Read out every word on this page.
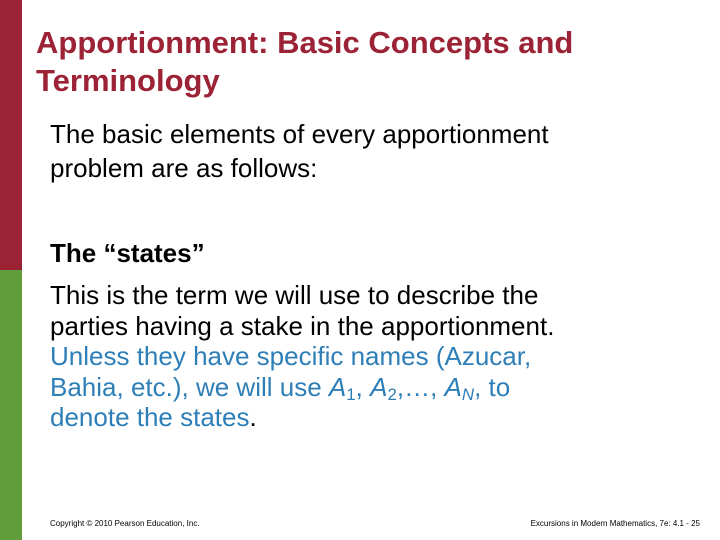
Apportionment: Basic Concepts and
Terminology
The basic elements of every apportionment
problem are as follows:
The “states”
This is the term we will use to describe the
parties having a stake in the apportionment.
Unless they have specific names (Azucar,
Bahia, etc.), we will use $A_1$, $A_2,\dots$, $A_N$, to
denote the states.
Copyright © 2010 Pearson Education, Inc.	Excursions in Modern Mathematics, 7e: 4.1 - 25
